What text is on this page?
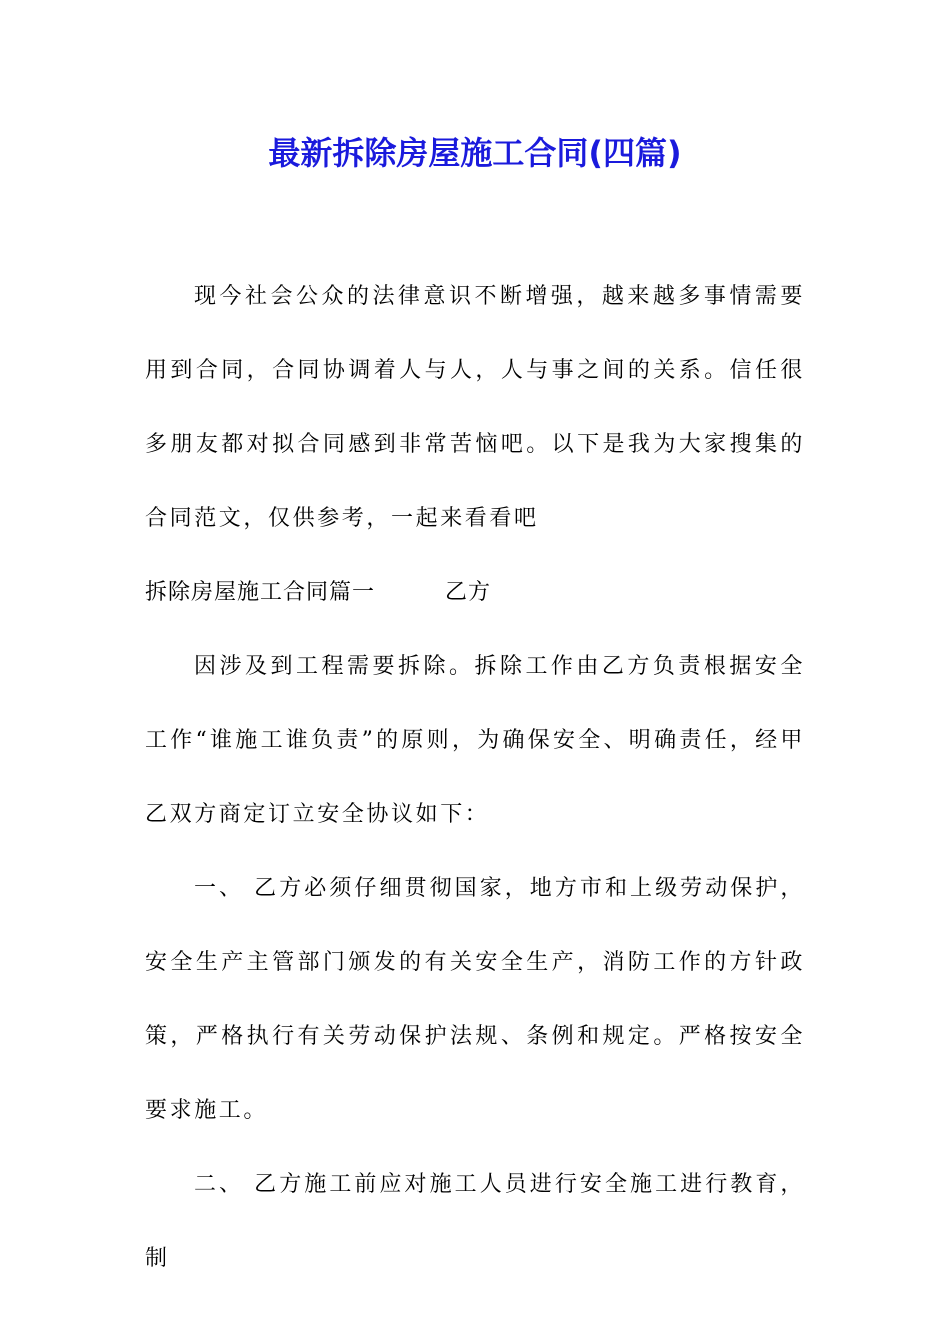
最新拆除房屋施工合同(四篇)

现今社会公众的法律意识不断增强，越来越多事情需要用到合同，合同协调着人与人，人与事之间的关系。信任很多朋友都对拟合同感到非常苦恼吧。以下是我为大家搜集的合同范文，仅供参考，一起来看看吧

拆除房屋施工合同篇一	乙方

因涉及到工程需要拆除。拆除工作由乙方负责根据安全工作“谁施工谁负责”的原则，为确保安全、明确责任，经甲乙双方商定订立安全协议如下：

一、 乙方必须仔细贯彻国家，地方市和上级劳动保护，安全生产主管部门颁发的有关安全生产，消防工作的方针政策，严格执行有关劳动保护法规、条例和规定。严格按安全要求施工。

二、 乙方施工前应对施工人员进行安全施工进行教育，制
